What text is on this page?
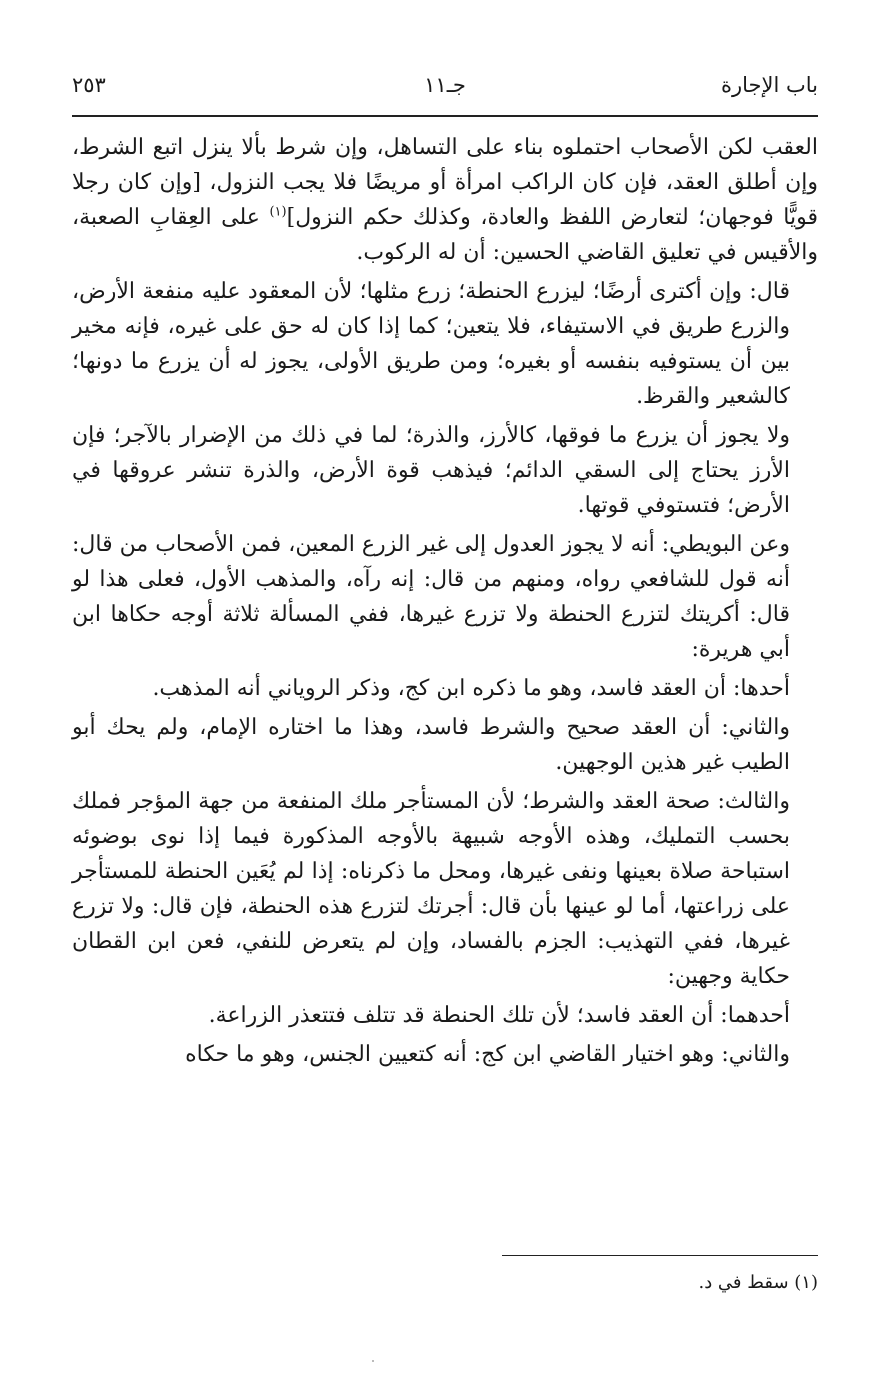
باب الإجارة
جـ١١
٢٥٣

العقب لكن الأصحاب احتملوه بناء على التساهل، وإن شرط بألا ينزل اتبع الشرط، وإن أطلق العقد، فإن كان الراكب امرأة أو مريضًا فلا يجب النزول، [وإن كان رجلا قويًّا فوجهان؛ لتعارض اللفظ والعادة، وكذلك حكم النزول]$^{(١)}$ على العِقابِ الصعبة، والأقيس في تعليق القاضي الحسين: أن له الركوب.

قال: وإن أكترى أرضًا؛ ليزرع الحنطة؛ زرع مثلها؛ لأن المعقود عليه منفعة الأرض، والزرع طريق في الاستيفاء، فلا يتعين؛ كما إذا كان له حق على غيره، فإنه مخير بين أن يستوفيه بنفسه أو بغيره؛ ومن طريق الأولى، يجوز له أن يزرع ما دونها؛ كالشعير والقرظ.

ولا يجوز أن يزرع ما فوقها، كالأرز، والذرة؛ لما في ذلك من الإضرار بالآجر؛ فإن الأرز يحتاج إلى السقي الدائم؛ فيذهب قوة الأرض، والذرة تنشر عروقها في الأرض؛ فتستوفي قوتها.

وعن البويطي: أنه لا يجوز العدول إلى غير الزرع المعين، فمن الأصحاب من قال: أنه قول للشافعي رواه، ومنهم من قال: إنه رآه، والمذهب الأول، فعلى هذا لو قال: أكريتك لتزرع الحنطة ولا تزرع غيرها، ففي المسألة ثلاثة أوجه حكاها ابن أبي هريرة:

أحدها: أن العقد فاسد، وهو ما ذكره ابن كج، وذكر الروياني أنه المذهب.

والثاني: أن العقد صحيح والشرط فاسد، وهذا ما اختاره الإمام، ولم يحك أبو الطيب غير هذين الوجهين.

والثالث: صحة العقد والشرط؛ لأن المستأجر ملك المنفعة من جهة المؤجر فملك بحسب التمليك، وهذه الأوجه شبيهة بالأوجه المذكورة فيما إذا نوى بوضوئه استباحة صلاة بعينها ونفى غيرها، ومحل ما ذكرناه: إذا لم يُعَين الحنطة للمستأجر على زراعتها، أما لو عينها بأن قال: أجرتك لتزرع هذه الحنطة، فإن قال: ولا تزرع غيرها، ففي التهذيب: الجزم بالفساد، وإن لم يتعرض للنفي، فعن ابن القطان حكاية وجهين:

أحدهما: أن العقد فاسد؛ لأن تلك الحنطة قد تتلف فتتعذر الزراعة.

والثاني: وهو اختيار القاضي ابن كج: أنه كتعيين الجنس، وهو ما حكاه

(١) سقط في د.
